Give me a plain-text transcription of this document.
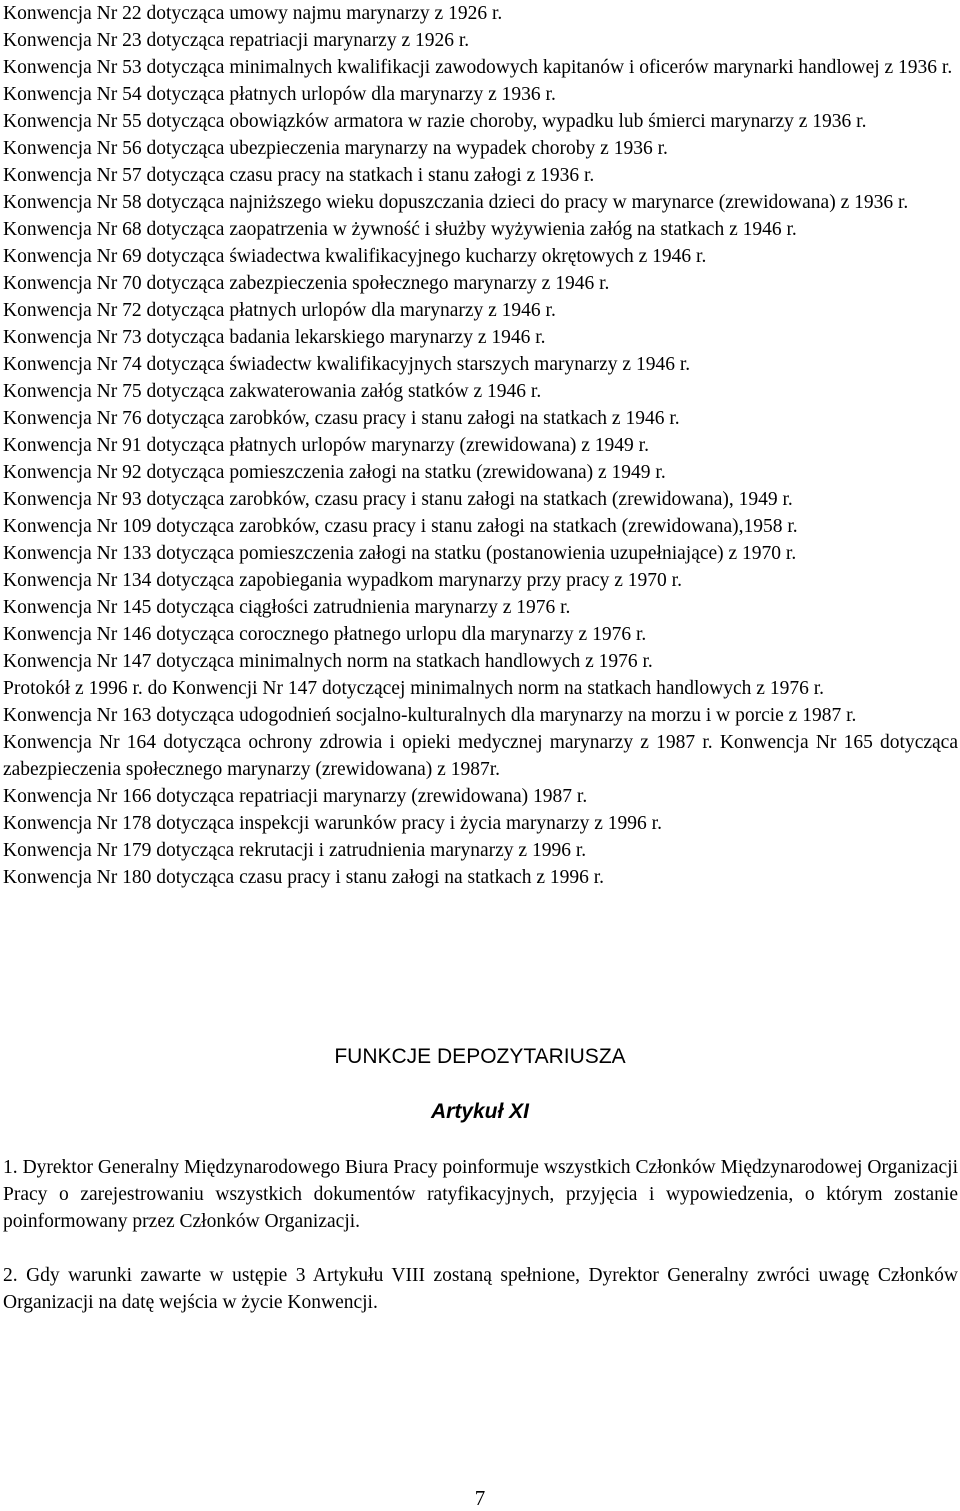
Konwencja Nr 22 dotycząca umowy najmu marynarzy z 1926 r.

Konwencja Nr 23 dotycząca repatriacji marynarzy z 1926 r.

Konwencja Nr 53 dotycząca minimalnych kwalifikacji zawodowych kapitanów i oficerów marynarki handlowej z 1936 r.

Konwencja Nr 54 dotycząca płatnych urlopów dla marynarzy z 1936 r.

Konwencja Nr 55 dotycząca obowiązków armatora w razie choroby, wypadku lub śmierci marynarzy z 1936 r.

Konwencja Nr 56 dotycząca ubezpieczenia marynarzy na wypadek choroby z 1936 r.

Konwencja Nr 57 dotycząca czasu pracy na statkach i stanu załogi z 1936 r.

Konwencja Nr 58 dotycząca najniższego wieku dopuszczania dzieci do pracy w marynarce (zrewidowana) z 1936 r.

Konwencja Nr 68 dotycząca zaopatrzenia w żywność i służby wyżywienia załóg na statkach z 1946 r.

Konwencja Nr 69 dotycząca świadectwa kwalifikacyjnego kucharzy okrętowych z 1946 r.

Konwencja Nr 70 dotycząca zabezpieczenia społecznego marynarzy z 1946 r.

Konwencja Nr 72 dotycząca płatnych urlopów dla marynarzy z 1946 r.

Konwencja Nr 73 dotycząca badania lekarskiego marynarzy z 1946 r.

Konwencja Nr 74 dotycząca świadectw kwalifikacyjnych starszych marynarzy z 1946 r.

Konwencja Nr 75 dotycząca zakwaterowania załóg statków z 1946 r.

Konwencja Nr 76 dotycząca zarobków, czasu pracy i stanu załogi na statkach z 1946 r.

Konwencja Nr 91 dotycząca płatnych urlopów marynarzy (zrewidowana) z 1949 r.

Konwencja Nr 92 dotycząca pomieszczenia załogi na statku (zrewidowana) z 1949 r.

Konwencja Nr 93 dotycząca zarobków, czasu pracy i stanu załogi na statkach (zrewidowana), 1949 r.

Konwencja Nr 109 dotycząca zarobków, czasu pracy i stanu załogi na statkach (zrewidowana),1958 r.

Konwencja Nr 133 dotycząca pomieszczenia załogi na statku (postanowienia uzupełniające) z 1970 r.

Konwencja Nr 134 dotycząca zapobiegania wypadkom marynarzy przy pracy z 1970 r.

Konwencja Nr 145 dotycząca ciągłości zatrudnienia marynarzy z 1976 r.

Konwencja Nr 146 dotycząca corocznego płatnego urlopu dla marynarzy z 1976 r.

Konwencja Nr 147 dotycząca minimalnych norm na statkach handlowych z 1976 r.

Protokół z 1996 r. do Konwencji Nr 147 dotyczącej minimalnych norm na statkach handlowych z 1976 r.

Konwencja Nr 163 dotycząca udogodnień socjalno-kulturalnych dla marynarzy na morzu i w porcie z 1987 r.

Konwencja Nr 164 dotycząca ochrony zdrowia i opieki medycznej marynarzy z 1987 r. Konwencja Nr 165 dotycząca zabezpieczenia społecznego marynarzy (zrewidowana) z 1987r.

Konwencja Nr 166 dotycząca repatriacji marynarzy (zrewidowana) 1987 r.

Konwencja Nr 178 dotycząca inspekcji warunków pracy i życia marynarzy z 1996 r.

Konwencja Nr 179 dotycząca rekrutacji i zatrudnienia marynarzy z 1996 r.

Konwencja Nr 180 dotycząca czasu pracy i stanu załogi na statkach z 1996 r.

FUNKCJE DEPOZYTARIUSZA
Artykuł XI

1. Dyrektor Generalny Międzynarodowego Biura Pracy poinformuje wszystkich Członków Międzynarodowej Organizacji Pracy o zarejestrowaniu wszystkich dokumentów ratyfikacyjnych, przyjęcia i wypowiedzenia, o którym zostanie poinformowany przez Członków Organizacji.

2. Gdy warunki zawarte w ustępie 3 Artykułu VIII zostaną spełnione, Dyrektor Generalny zwróci uwagę Członków Organizacji na datę wejścia w życie Konwencji.

7
